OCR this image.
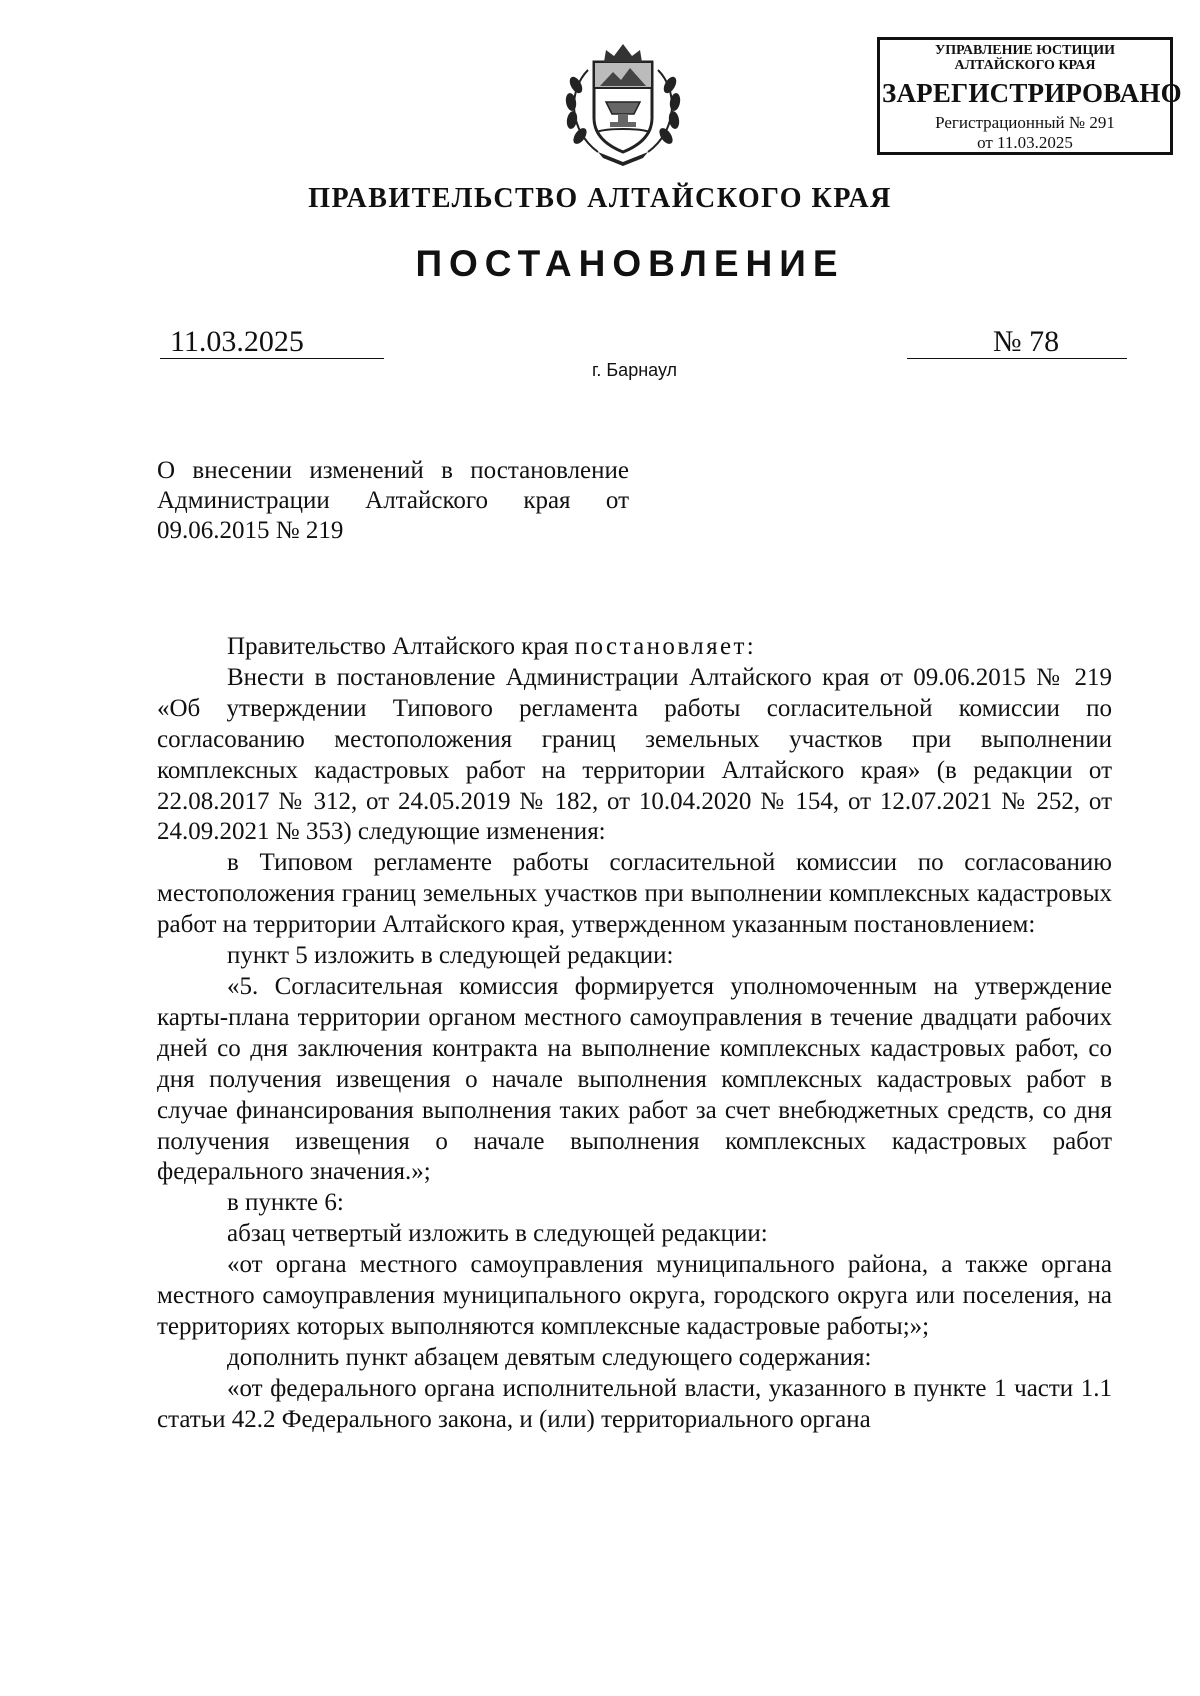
УПРАВЛЕНИЕ ЮСТИЦИИ
АЛТАЙСКОГО КРАЯ
ЗАРЕГИСТРИРОВАНО
Регистрационный № 291
от 11.03.2025
ПРАВИТЕЛЬСТВО АЛТАЙСКОГО КРАЯ
ПОСТАНОВЛЕНИЕ
11.03.2025	№ 78
г. Барнаул
О внесении изменений в постановление Администрации Алтайского края от 09.06.2015 № 219

Правительство Алтайского края постановляет:

Внести в постановление Администрации Алтайского края от 09.06.2015 № 219 «Об утверждении Типового регламента работы согласительной комиссии по согласованию местоположения границ земельных участков при выполнении комплексных кадастровых работ на территории Алтайского края» (в редакции от 22.08.2017 № 312, от 24.05.2019 № 182, от 10.04.2020 № 154, от 12.07.2021 № 252, от 24.09.2021 № 353) следующие изменения:

в Типовом регламенте работы согласительной комиссии по согласованию местоположения границ земельных участков при выполнении комплексных кадастровых работ на территории Алтайского края, утвержденном указанным постановлением:

пункт 5 изложить в следующей редакции:

«5. Согласительная комиссия формируется уполномоченным на утверждение карты-плана территории органом местного самоуправления в течение двадцати рабочих дней со дня заключения контракта на выполнение комплексных кадастровых работ, со дня получения извещения о начале выполнения комплексных кадастровых работ в случае финансирования выполнения таких работ за счет внебюджетных средств, со дня получения извещения о начале выполнения комплексных кадастровых работ федерального значения.»;

в пункте 6:

абзац четвертый изложить в следующей редакции:

«от органа местного самоуправления муниципального района, а также органа местного самоуправления муниципального округа, городского округа или поселения, на территориях которых выполняются комплексные кадастровые работы;»;

дополнить пункт абзацем девятым следующего содержания:

«от федерального органа исполнительной власти, указанного в пункте 1 части 1.1 статьи 42.2 Федерального закона, и (или) территориального органа
